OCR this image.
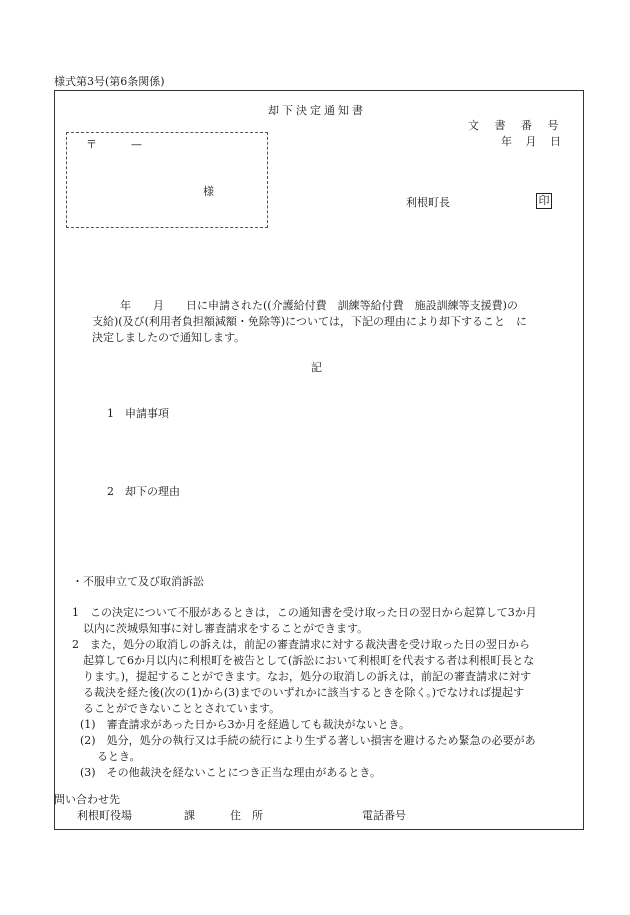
様式第3号(第6条関係)
却下決定通知書
文 書 番 号
年 月 日
〒	—
様
利根町長	印
年　　月　　日に申請された((介護給付費　訓練等給付費　施設訓練等支援費)の
支給)(及び(利用者負担額減額・免除等)については，下記の理由により却下すること　に
決定しましたので通知します。
記
1　申請事項
2　却下の理由
・不服申立て及び取消訴訟
1　この決定について不服があるときは，この通知書を受け取った日の翌日から起算して3か月
以内に茨城県知事に対し審査請求をすることができます。
2　また，処分の取消しの訴えは，前記の審査請求に対する裁決書を受け取った日の翌日から
起算して6か月以内に利根町を被告として(訴訟において利根町を代表する者は利根町長とな
ります。)，提起することができます。なお，処分の取消しの訴えは，前記の審査請求に対す
る裁決を経た後(次の(1)から(3)までのいずれかに該当するときを除く。)でなければ提起す
ることができないこととされています。
(1)　審査請求があった日から3か月を経過しても裁決がないとき。
(2)　処分，処分の執行又は手続の続行により生ずる著しい損害を避けるため緊急の必要があ
るとき。
(3)　その他裁決を経ないことにつき正当な理由があるとき。
問い合わせ先
利根町役場	課	住　所	電話番号
